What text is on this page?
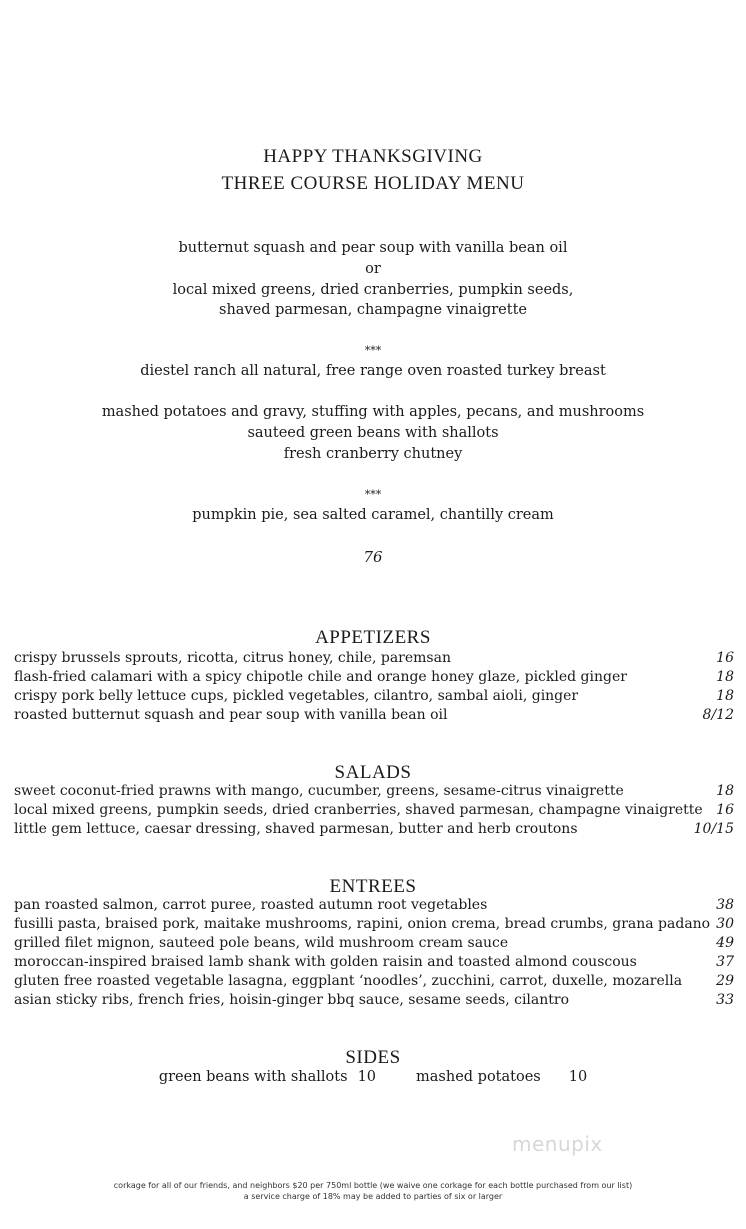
HAPPY THANKSGIVING
THREE COURSE HOLIDAY MENU
butternut squash and pear soup with vanilla bean oil
or
local mixed greens, dried cranberries, pumpkin seeds,
shaved parmesan, champagne vinaigrette
***
diestel ranch all natural, free range oven roasted turkey breast
mashed potatoes and gravy, stuffing with apples, pecans, and mushrooms
sauteed green beans with shallots
fresh cranberry chutney
***
pumpkin pie, sea salted caramel, chantilly cream
76
APPETIZERS
crispy brussels sprouts, ricotta, citrus honey, chile, paremsan	16
flash-fried calamari with a spicy chipotle chile and orange honey glaze, pickled ginger	18
crispy pork belly lettuce cups, pickled vegetables, cilantro, sambal aioli, ginger	18
roasted butternut squash and pear soup with vanilla bean oil	8/12
SALADS
sweet coconut-fried prawns with mango, cucumber, greens, sesame-citrus vinaigrette	18
local mixed greens, pumpkin seeds, dried cranberries, shaved parmesan, champagne vinaigrette 16
little gem lettuce, caesar dressing, shaved parmesan, butter and herb croutons	10/15
ENTREES
pan roasted salmon, carrot puree, roasted autumn root vegetables	38
fusilli pasta, braised pork, maitake mushrooms, rapini, onion crema, bread crumbs, grana padano 30
grilled filet mignon, sauteed pole beans, wild mushroom cream sauce	49
moroccan-inspired braised lamb shank with golden raisin and toasted almond couscous	37
gluten free roasted vegetable lasagna, eggplant ‘noodles’, zucchini, carrot, duxelle, mozarella 29
asian sticky ribs, french fries, hoisin-ginger bbq sauce, sesame seeds, cilantro	33
SIDES
green beans with shallots 10	mashed potatoes 10
menupix
corkage for all of our friends, and neighbors $20 per 750ml bottle (we waive one corkage for each bottle purchased from our list)
a service charge of 18% may be added to parties of six or larger
